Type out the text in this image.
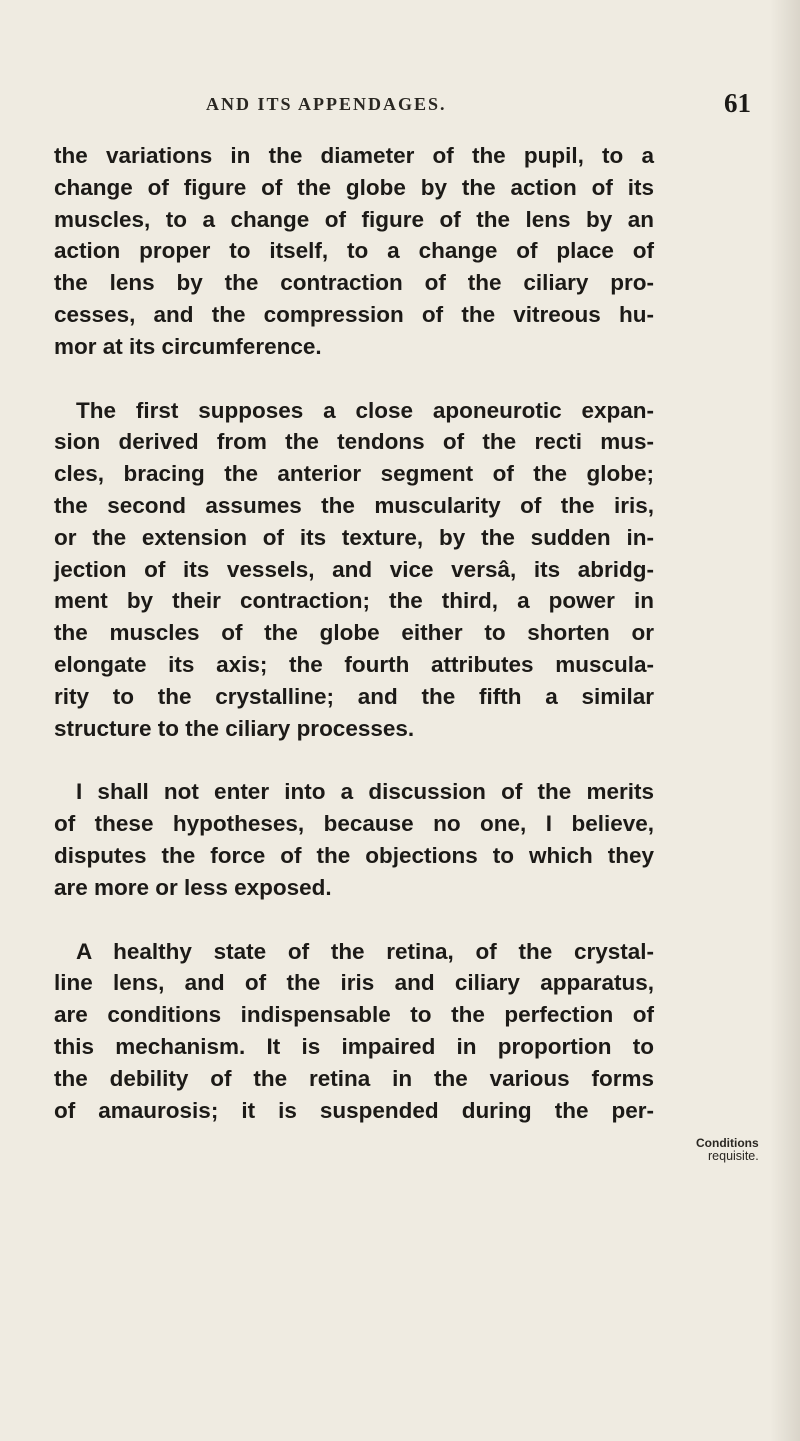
AND ITS APPENDAGES.	61
the variations in the diameter of the pupil, to a
change of figure of the globe by the action of its
muscles, to a change of figure of the lens by an
action proper to itself, to a change of place of
the lens by the contraction of the ciliary pro-
cesses, and the compression of the vitreous hu-
mor at its circumference.
The first supposes a close aponeurotic expan-
sion derived from the tendons of the recti mus-
cles, bracing the anterior segment of the globe;
the second assumes the muscularity of the iris,
or the extension of its texture, by the sudden in-
jection of its vessels, and vice versâ, its abridg-
ment by their contraction; the third, a power in
the muscles of the globe either to shorten or
elongate its axis; the fourth attributes muscula-
rity to the crystalline; and the fifth a similar
structure to the ciliary processes.
I shall not enter into a discussion of the merits
of these hypotheses, because no one, I believe,
disputes the force of the objections to which they
are more or less exposed.
A healthy state of the retina, of the crystal-
line lens, and of the iris and ciliary apparatus,
are conditions indispensable to the perfection of
this mechanism. It is impaired in proportion to
the debility of the retina in the various forms
of amaurosis; it is suspended during the per-
Conditions
requisite.
